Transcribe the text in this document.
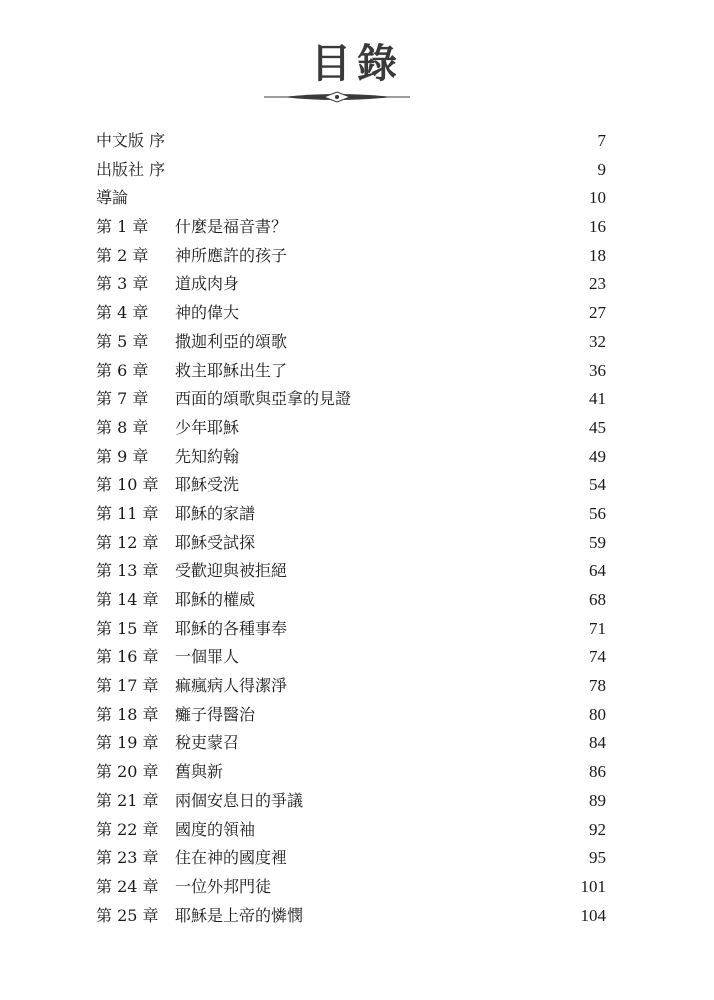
目錄
中文版 序	7
出版社 序	9
導論	10
第 1 章 什麼是福音書？	16
第 2 章 神所應許的孩子	18
第 3 章 道成肉身	23
第 4 章 神的偉大	27
第 5 章 撒迦利亞的頌歌	32
第 6 章 救主耶穌出生了	36
第 7 章 西面的頌歌與亞拿的見證	41
第 8 章 少年耶穌	45
第 9 章 先知約翰	49
第 10 章 耶穌受洗	54
第 11 章 耶穌的家譜	56
第 12 章 耶穌受試探	59
第 13 章 受歡迎與被拒絕	64
第 14 章 耶穌的權威	68
第 15 章 耶穌的各種事奉	71
第 16 章 一個罪人	74
第 17 章 痲瘋病人得潔淨	78
第 18 章 癱子得醫治	80
第 19 章 稅吏蒙召	84
第 20 章 舊與新	86
第 21 章 兩個安息日的爭議	89
第 22 章 國度的領袖	92
第 23 章 住在神的國度裡	95
第 24 章 一位外邦門徒	101
第 25 章 耶穌是上帝的憐憫	104
